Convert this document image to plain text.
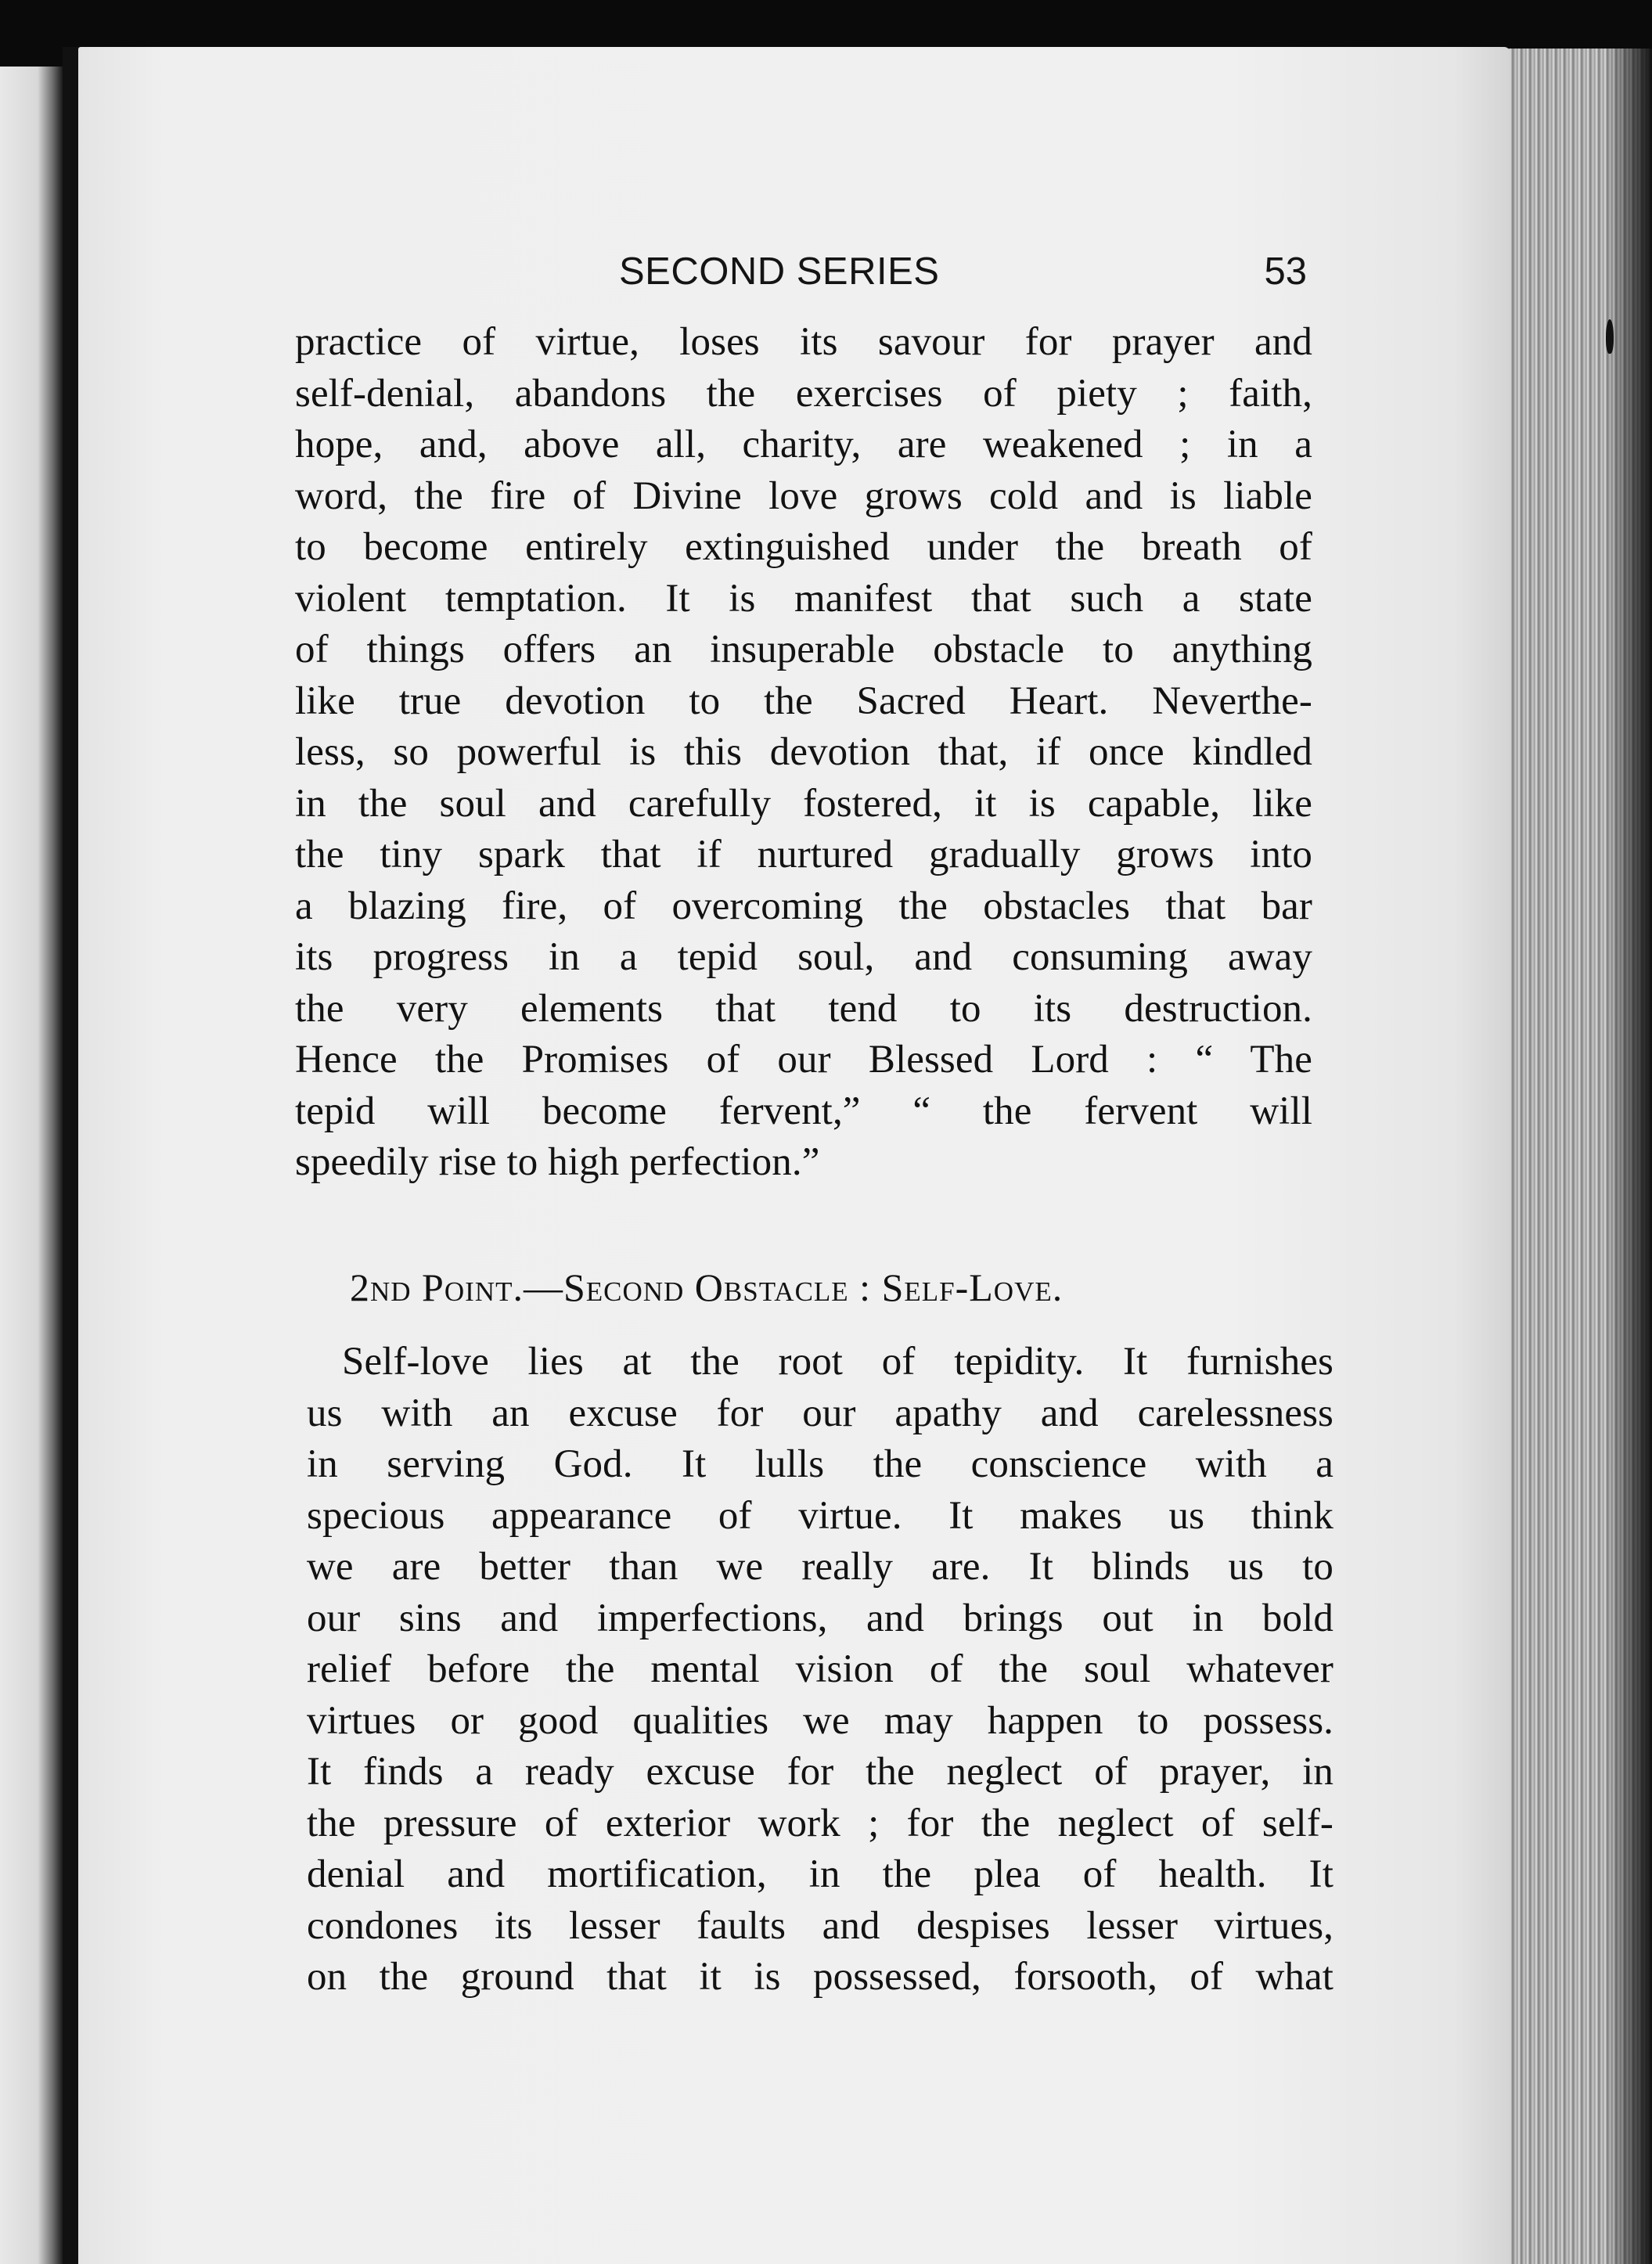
SECOND SERIES	53
practice of virtue, loses its savour for prayer and
self-denial, abandons the exercises of piety ; faith,
hope, and, above all, charity, are weakened ; in a
word, the fire of Divine love grows cold and is liable
to become entirely extinguished under the breath of
violent temptation. It is manifest that such a state
of things offers an insuperable obstacle to anything
like true devotion to the Sacred Heart. Neverthe-
less, so powerful is this devotion that, if once kindled
in the soul and carefully fostered, it is capable, like
the tiny spark that if nurtured gradually grows into
a blazing fire, of overcoming the obstacles that bar
its progress in a tepid soul, and consuming away
the very elements that tend to its destruction.
Hence the Promises of our Blessed Lord : “ The
tepid will become fervent,” “ the fervent will
speedily rise to high perfection.”
2nd Point.—Second Obstacle : Self-Love.
Self-love lies at the root of tepidity. It furnishes
us with an excuse for our apathy and carelessness
in serving God. It lulls the conscience with a
specious appearance of virtue. It makes us think
we are better than we really are. It blinds us to
our sins and imperfections, and brings out in bold
relief before the mental vision of the soul whatever
virtues or good qualities we may happen to possess.
It finds a ready excuse for the neglect of prayer, in
the pressure of exterior work ; for the neglect of self-
denial and mortification, in the plea of health. It
condones its lesser faults and despises lesser virtues,
on the ground that it is possessed, forsooth, of what
